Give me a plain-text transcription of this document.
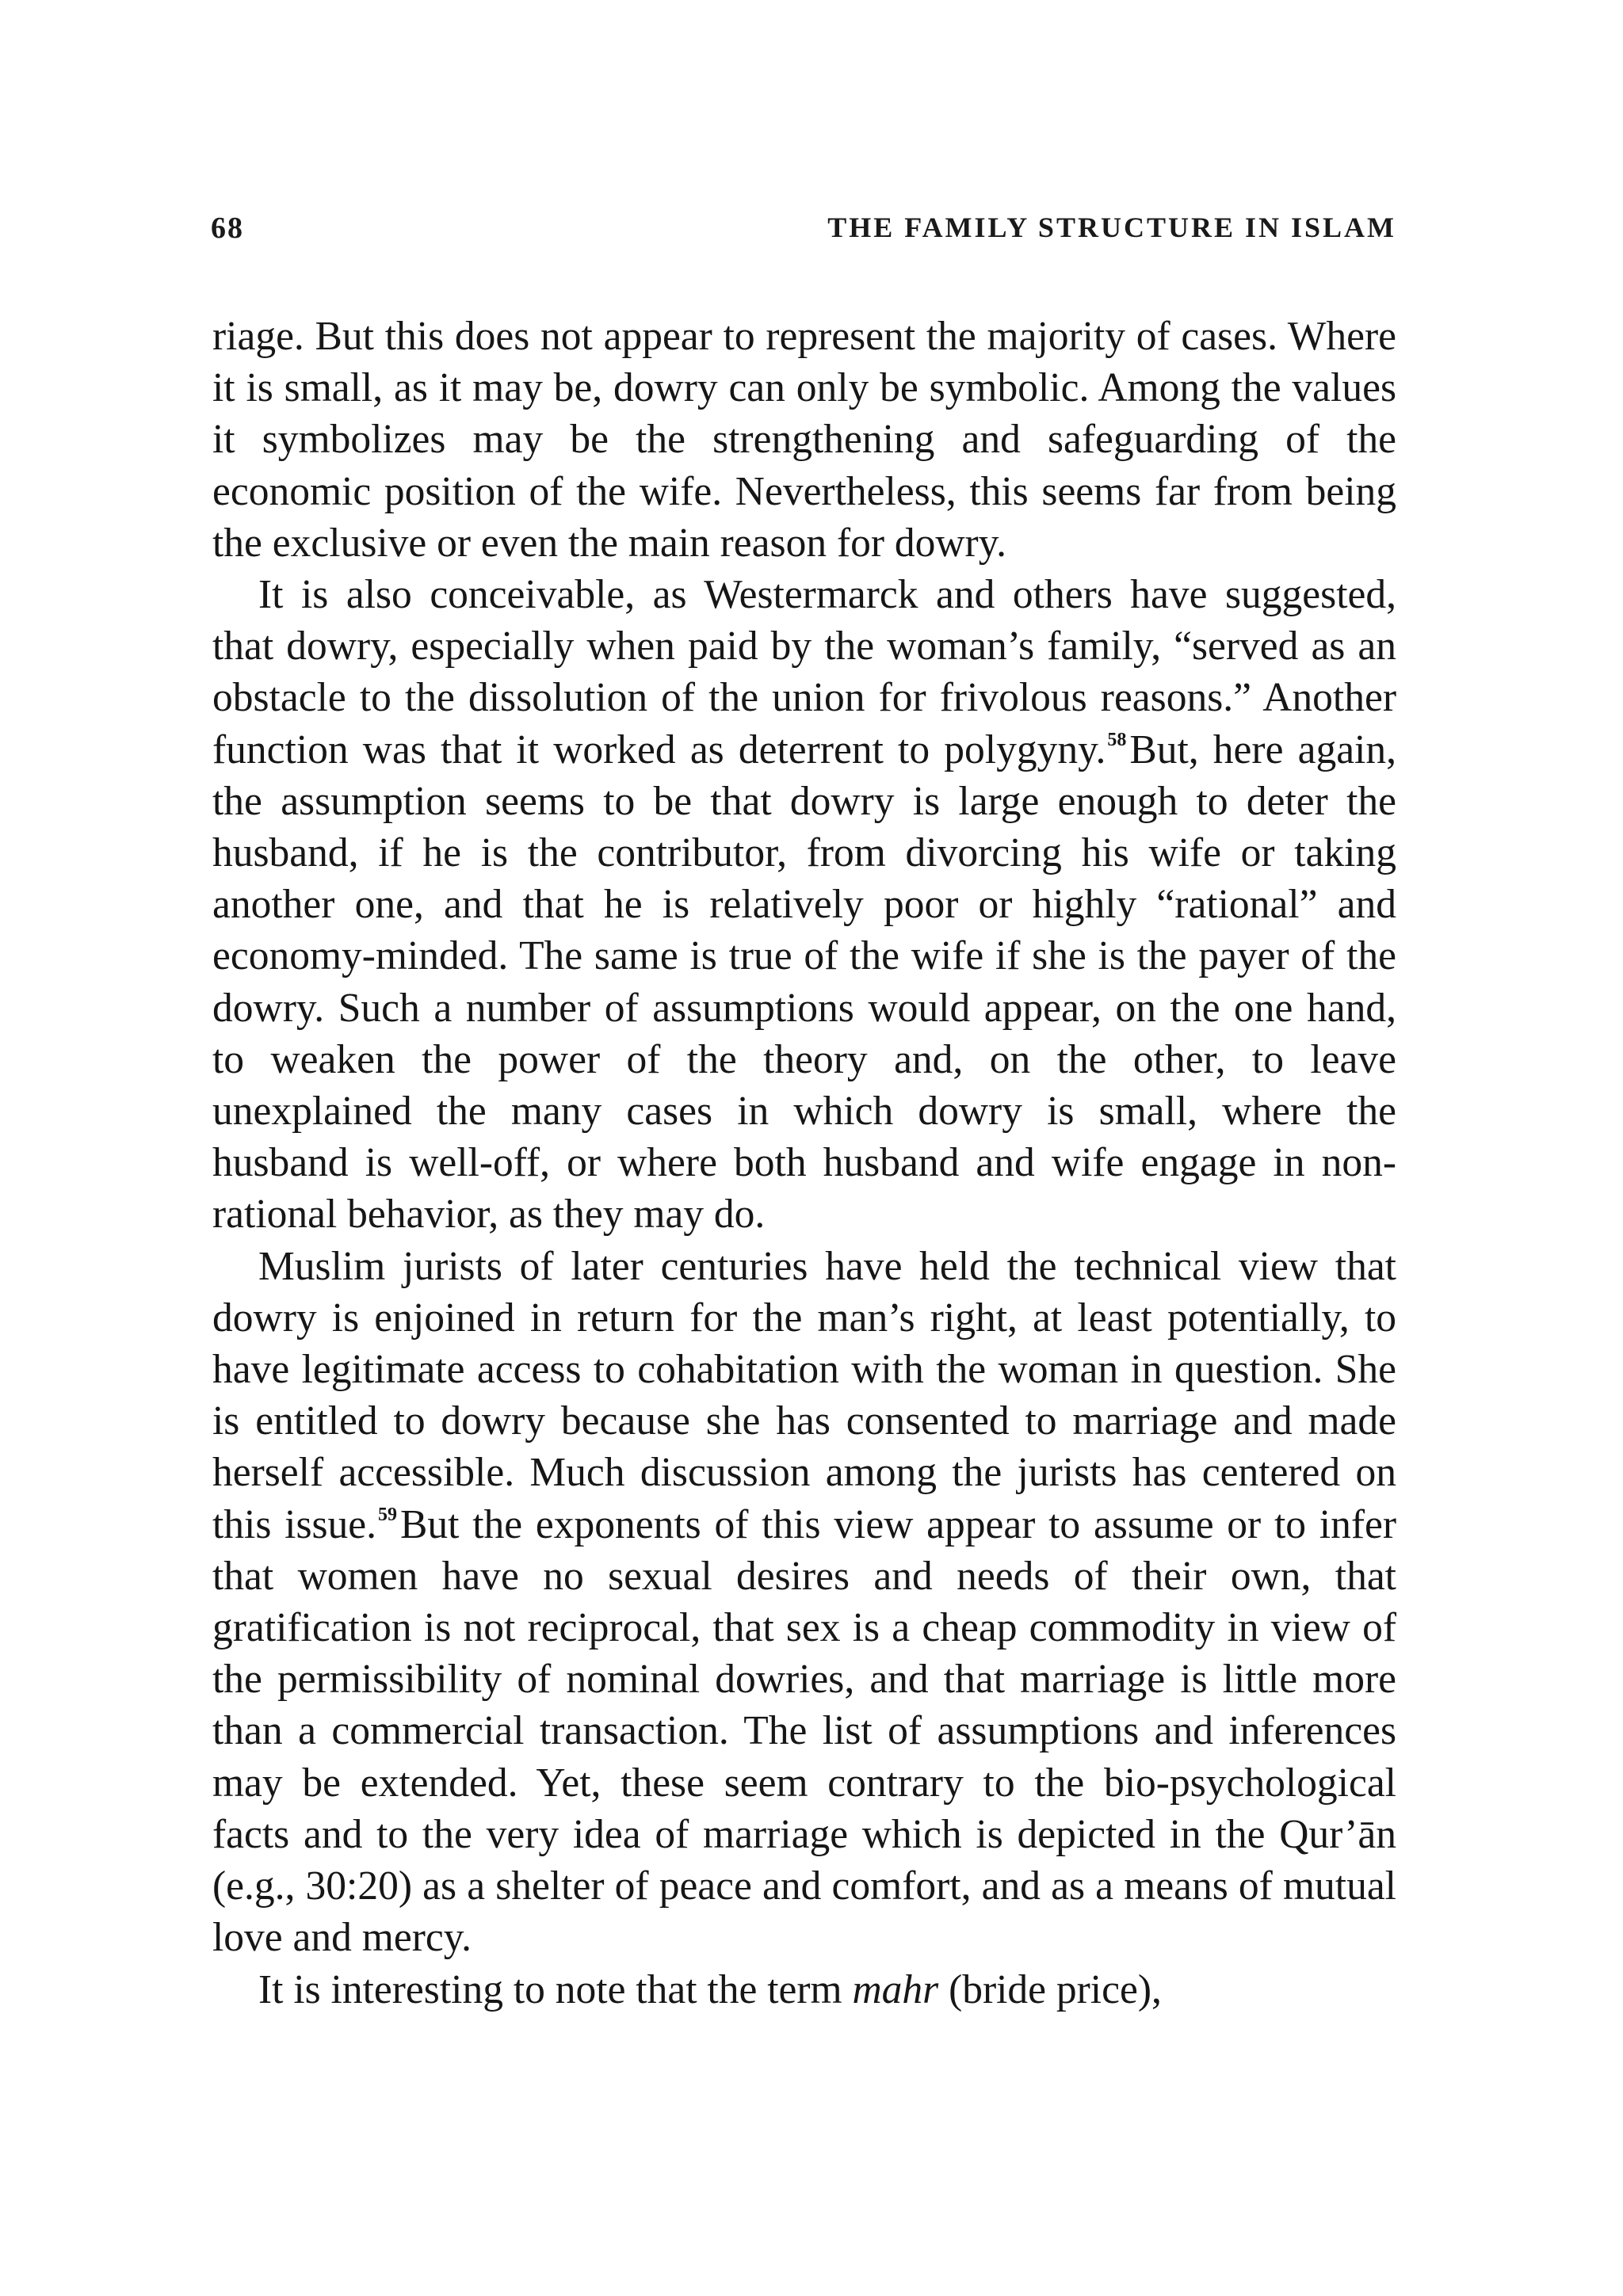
68	THE FAMILY STRUCTURE IN ISLAM

riage. But this does not appear to represent the majority of cases. Where it is small, as it may be, dowry can only be symbolic. Among the values it symbolizes may be the strengthening and safeguarding of the economic position of the wife. Nevertheless, this seems far from being the exclusive or even the main reason for dowry.

It is also conceivable, as Westermarck and others have suggested, that dowry, especially when paid by the woman’s family, “served as an obstacle to the dissolution of the union for frivolous reasons.” Another function was that it worked as deterrent to polygyny.$^{58}$But, here again, the assumption seems to be that dowry is large enough to deter the husband, if he is the contributor, from divorcing his wife or taking another one, and that he is relatively poor or highly “rational” and economy-minded. The same is true of the wife if she is the payer of the dowry. Such a number of assumptions would appear, on the one hand, to weaken the power of the theory and, on the other, to leave unexplained the many cases in which dowry is small, where the husband is well-off, or where both husband and wife engage in non-rational behavior, as they may do.

Muslim jurists of later centuries have held the technical view that dowry is enjoined in return for the man’s right, at least potentially, to have legitimate access to cohabitation with the woman in question. She is entitled to dowry because she has consented to marriage and made herself accessible. Much discussion among the jurists has centered on this issue.$^{59}$But the exponents of this view appear to assume or to infer that women have no sexual desires and needs of their own, that gratification is not reciprocal, that sex is a cheap commodity in view of the permissibility of nominal dowries, and that marriage is little more than a commercial transaction. The list of assumptions and inferences may be extended. Yet, these seem contrary to the bio-psychological facts and to the very idea of marriage which is depicted in the Qur’ān (e.g., 30:20) as a shelter of peace and comfort, and as a means of mutual love and mercy.

It is interesting to note that the term mahr (bride price),
